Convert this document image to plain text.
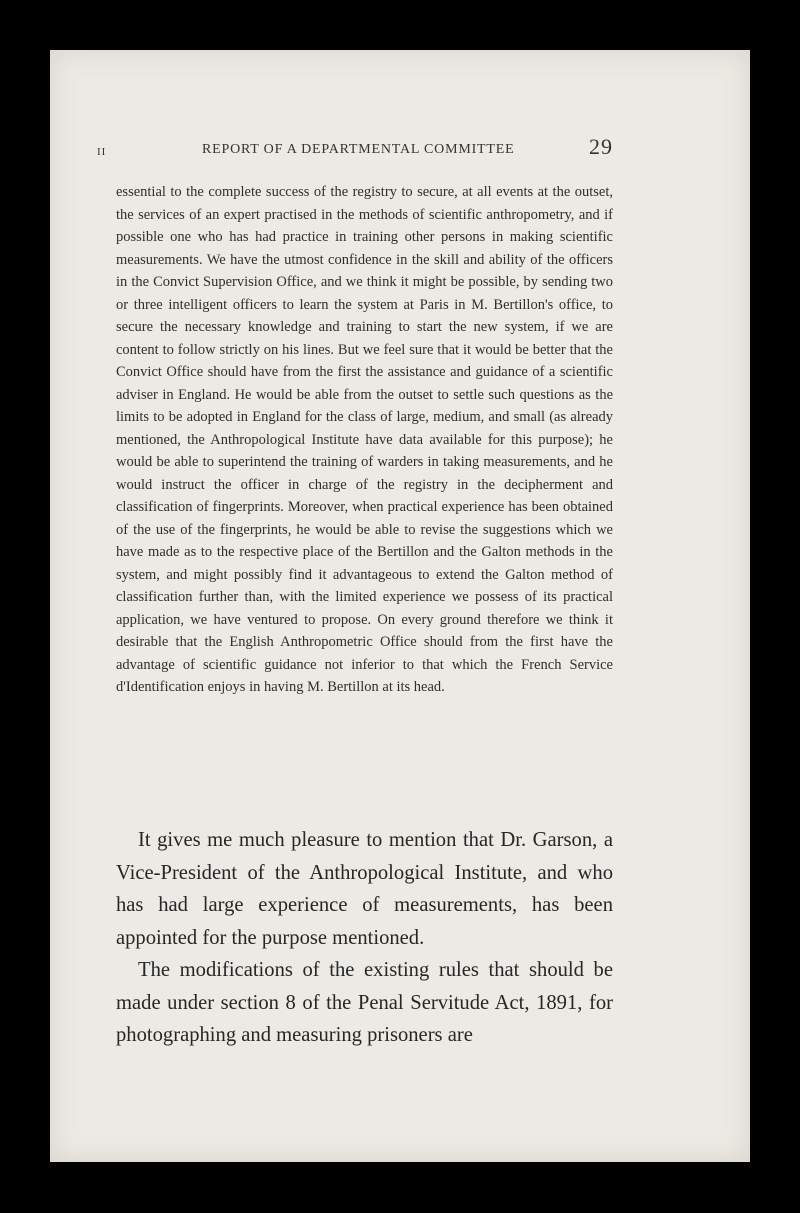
II	REPORT OF A DEPARTMENTAL COMMITTEE	29

essential to the complete success of the registry to secure, at all events at the outset, the services of an expert practised in the methods of scientific anthropometry, and if possible one who has had practice in training other persons in making scientific measurements. We have the utmost confidence in the skill and ability of the officers in the Convict Supervision Office, and we think it might be possible, by sending two or three intelligent officers to learn the system at Paris in M. Bertillon's office, to secure the necessary knowledge and training to start the new system, if we are content to follow strictly on his lines. But we feel sure that it would be better that the Convict Office should have from the first the assistance and guidance of a scientific adviser in England. He would be able from the outset to settle such questions as the limits to be adopted in England for the class of large, medium, and small (as already mentioned, the Anthropological Institute have data available for this purpose); he would be able to superintend the training of warders in taking measurements, and he would instruct the officer in charge of the registry in the decipherment and classification of fingerprints. Moreover, when practical experience has been obtained of the use of the fingerprints, he would be able to revise the suggestions which we have made as to the respective place of the Bertillon and the Galton methods in the system, and might possibly find it advantageous to extend the Galton method of classification further than, with the limited experience we possess of its practical application, we have ventured to propose. On every ground therefore we think it desirable that the English Anthropometric Office should from the first have the advantage of scientific guidance not inferior to that which the French Service d'Identification enjoys in having M. Bertillon at its head.

It gives me much pleasure to mention that Dr. Garson, a Vice-President of the Anthropological Institute, and who has had large experience of measurements, has been appointed for the purpose mentioned.

The modifications of the existing rules that should be made under section 8 of the Penal Servitude Act, 1891, for photographing and measuring prisoners are
